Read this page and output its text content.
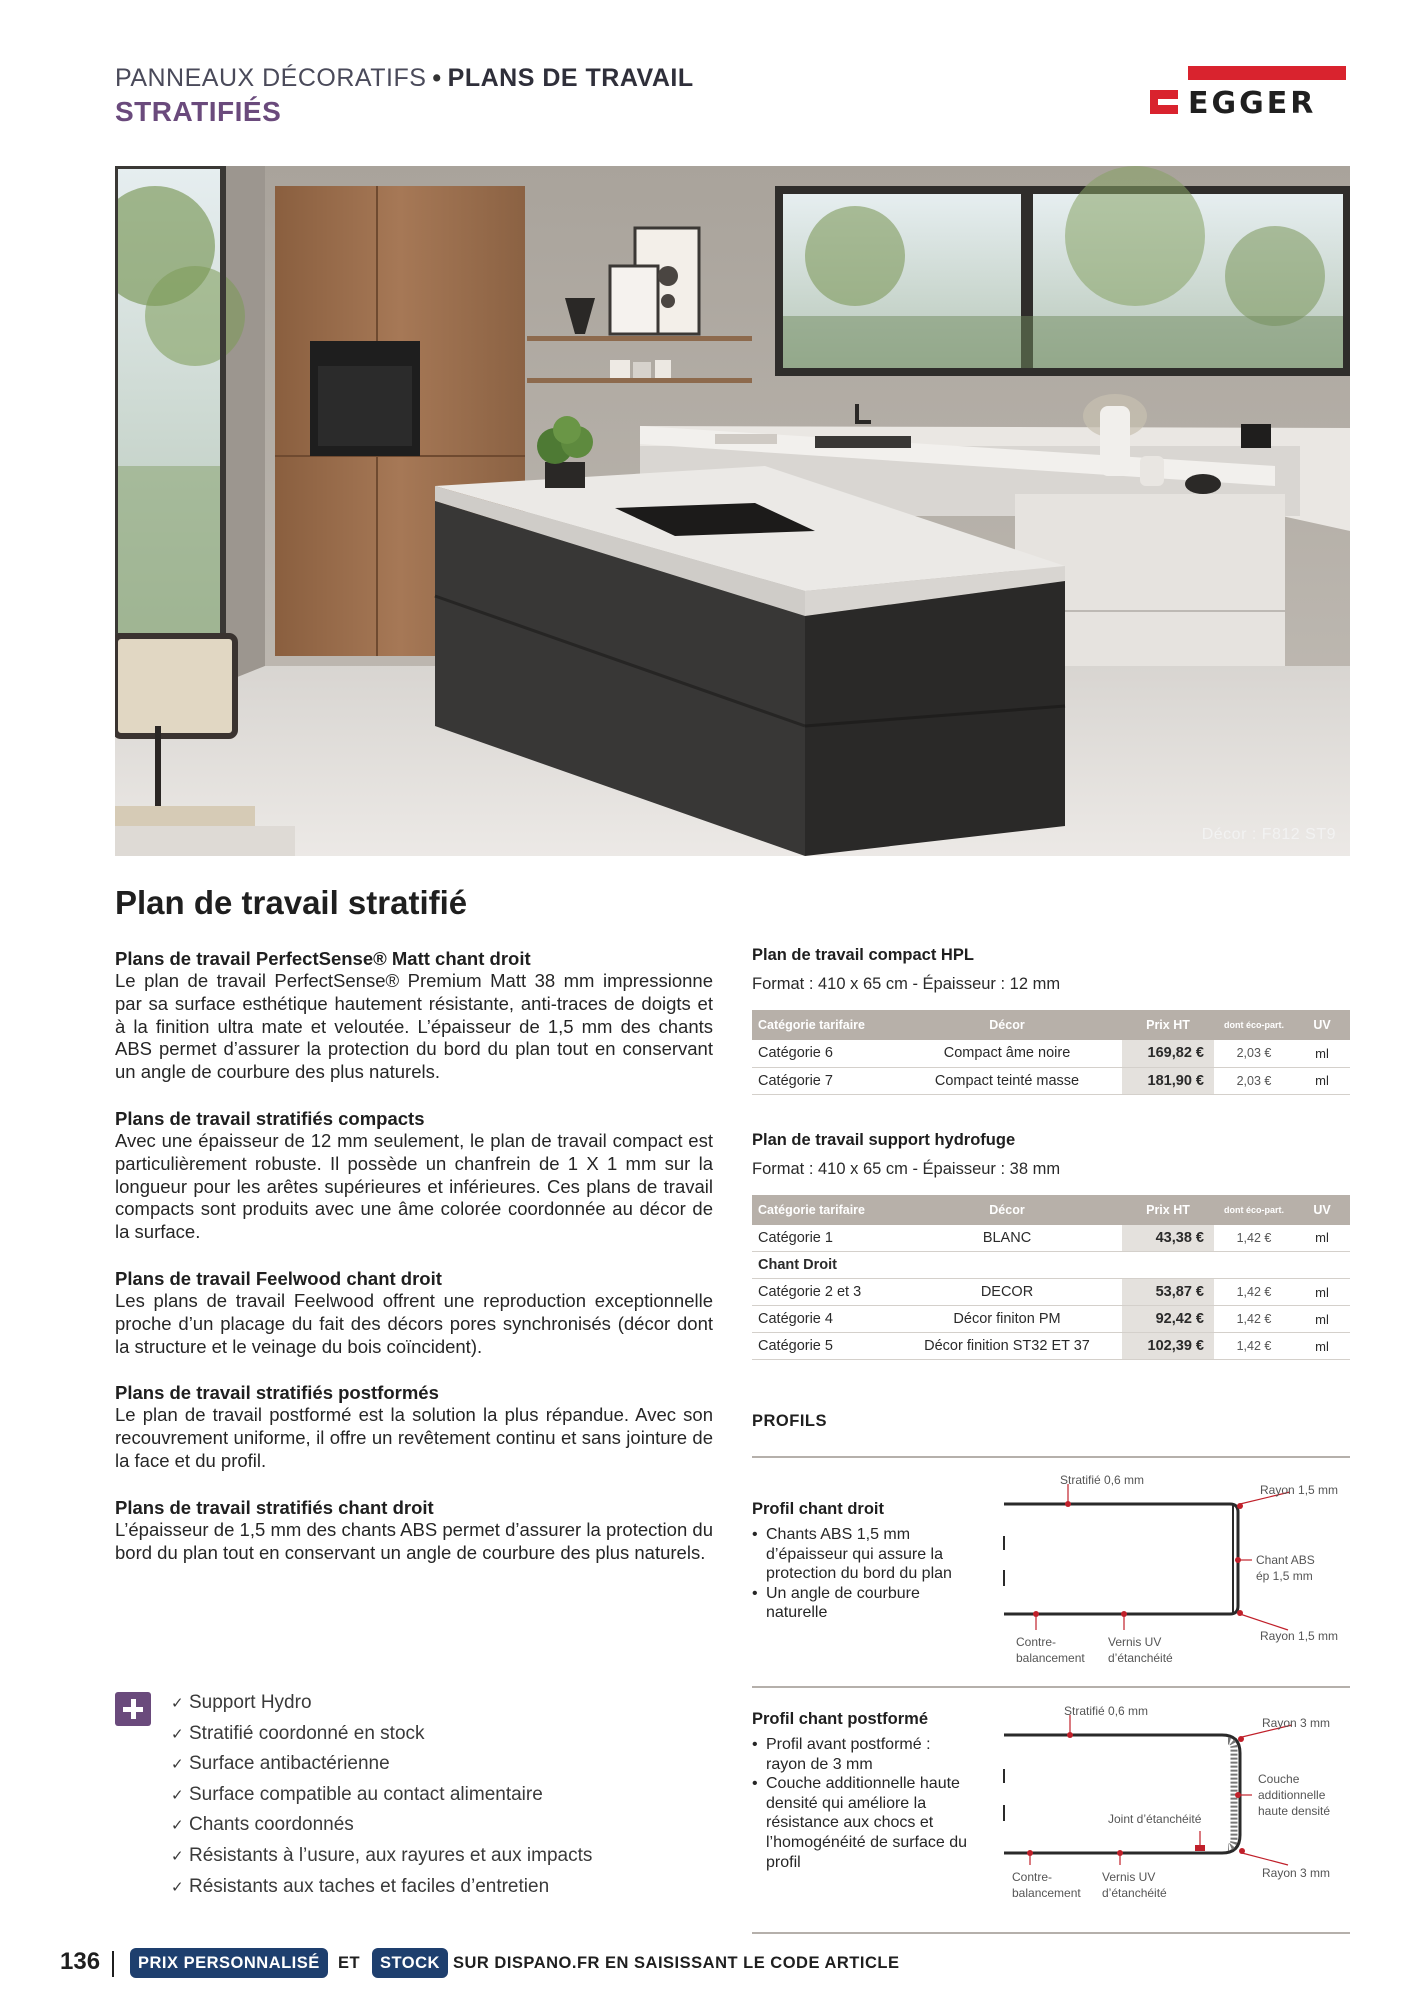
PANNEAUX DÉCORATIFS • PLANS DE TRAVAIL
STRATIFIÉS	EGGER
Décor : F812 ST9
Plan de travail stratifié
Plans de travail PerfectSense® Matt chant droit

Le plan de travail PerfectSense® Premium Matt 38 mm impressionne par sa surface esthétique hautement résistante, anti-traces de doigts et à la finition ultra mate et veloutée. L’épaisseur de 1,5 mm des chants ABS permet d’assurer la protection du bord du plan tout en conservant un angle de courbure des plus naturels.

Plans de travail stratifiés compacts

Avec une épaisseur de 12 mm seulement, le plan de travail compact est particulièrement robuste. Il possède un chanfrein de 1 X 1 mm sur la longueur pour les arêtes supérieures et inférieures. Ces plans de travail compacts sont produits avec une âme colorée coordonnée au décor de la surface.

Plans de travail Feelwood chant droit

Les plans de travail Feelwood offrent une reproduction exceptionnelle proche d’un placage du fait des décors pores synchronisés (décor dont la structure et le veinage du bois coïncident).

Plans de travail stratifiés postformés

Le plan de travail postformé est la solution la plus répandue. Avec son recouvrement uniforme, il offre un revêtement continu et sans jointure de la face et du profil.

Plans de travail stratifiés chant droit

L’épaisseur de 1,5 mm des chants ABS permet d’assurer la protection du bord du plan tout en conservant un angle de courbure des plus naturels.

✓ Support Hydro
✓ Stratifié coordonné en stock
✓ Surface antibactérienne
✓ Surface compatible au contact alimentaire
✓ Chants coordonnés
✓ Résistants à l’usure, aux rayures et aux impacts
✓ Résistants aux taches et faciles d’entretien
Plan de travail compact HPL
Format : 410 x 65 cm - Épaisseur : 12 mm
Catégorie tarifaire	Décor	Prix HT	dont éco-part.	UV
Catégorie 6	Compact âme noire	169,82 €	2,03 €	ml
Catégorie 7	Compact teinté masse	181,90 €	2,03 €	ml
Plan de travail support hydrofuge
Format : 410 x 65 cm - Épaisseur : 38 mm
Catégorie tarifaire	Décor	Prix HT	dont éco-part.	UV
Catégorie 1	BLANC	43,38 €	1,42 €	ml
Chant Droit				
Catégorie 2 et 3	DECOR	53,87 €	1,42 €	ml
Catégorie 4	Décor finiton PM	92,42 €	1,42 €	ml
Catégorie 5	Décor finition ST32 ET 37	102,39 €	1,42 €	ml
PROFILS
Profil chant droit
• Chants ABS 1,5 mm d’épaisseur qui assure la protection du bord du plan
• Un angle de courbure naturelle
Stratifié 0,6 mm
Rayon 1,5 mm
Chant ABS
ép 1,5 mm
Rayon 1,5 mm
Contre-
balancement
Vernis UV
d’étanchéité
Profil chant postformé
• Profil avant postformé : rayon de 3 mm
• Couche additionnelle haute densité qui améliore la résistance aux chocs et l’homogénéité de surface du profil
Stratifié 0,6 mm
Rayon 3 mm
Couche
additionnelle
haute densité
Joint d’étanchéité
Rayon 3 mm
Contre-
balancement
Vernis UV
d’étanchéité
136	PRIX PERSONNALISÉ	ET	STOCK SUR DISPANO.FR EN SAISISSANT LE CODE ARTICLE
